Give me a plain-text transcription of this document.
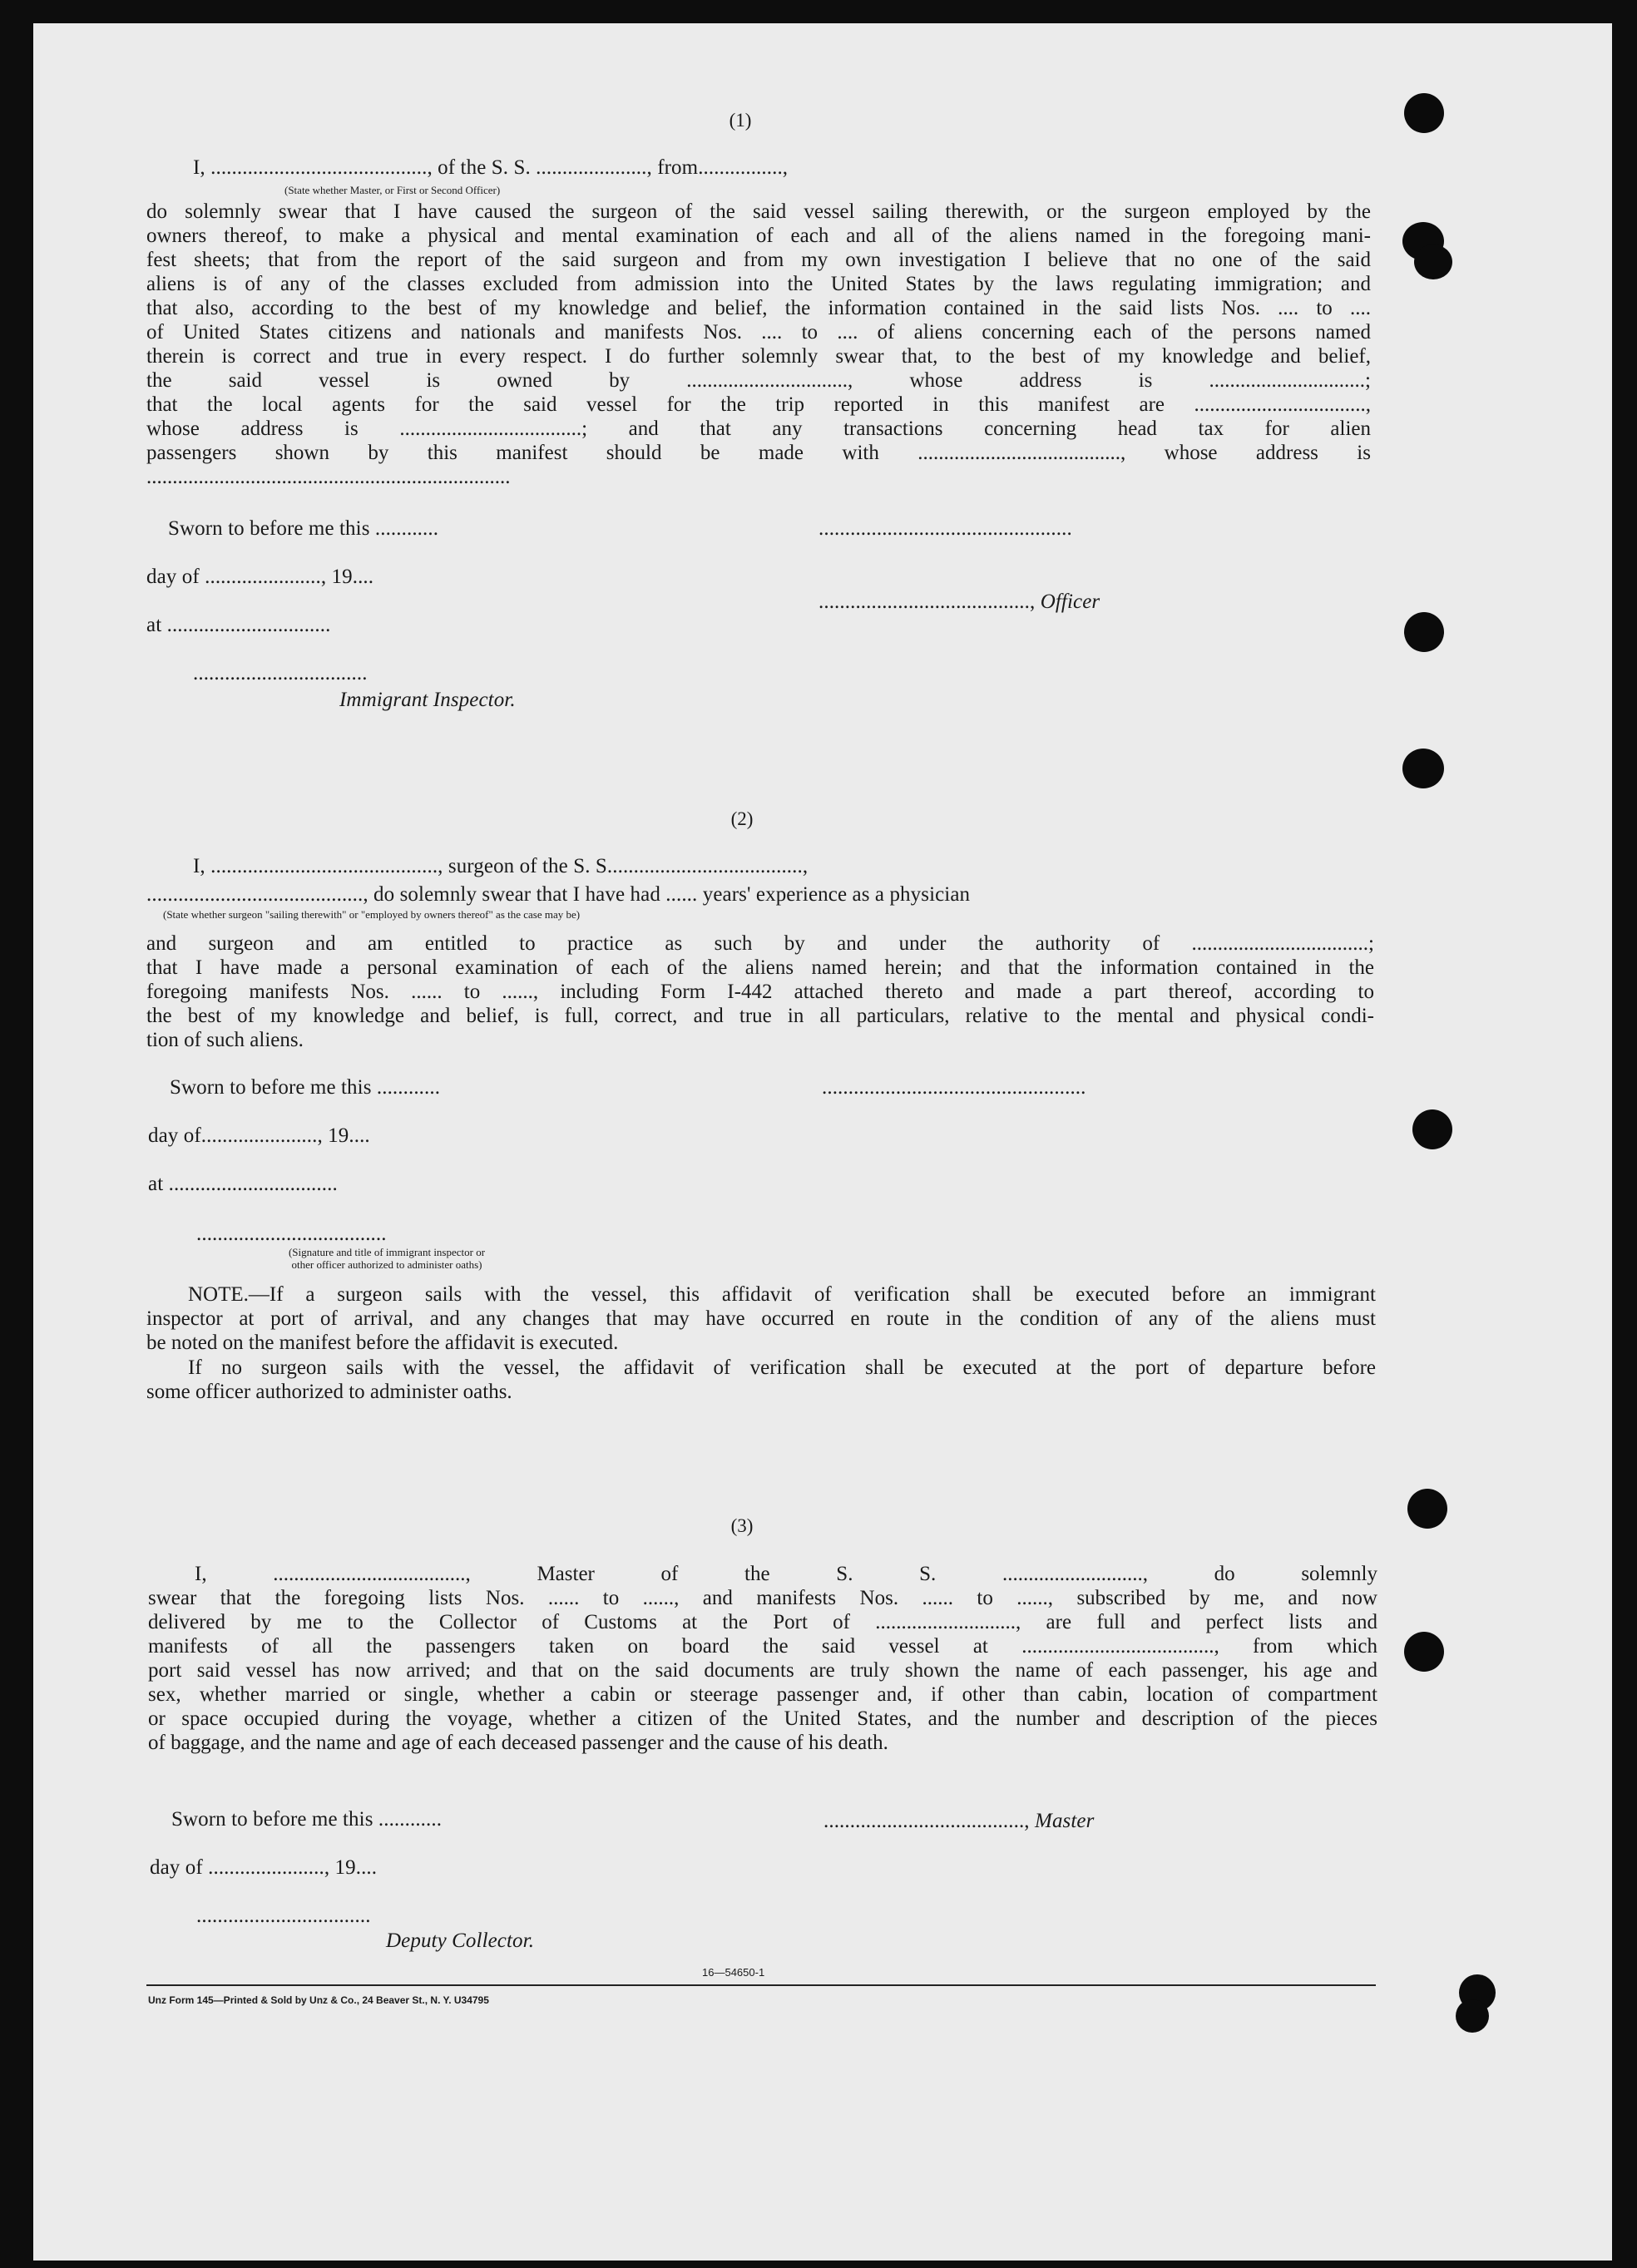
(1)
I, ........................................., of the S. S. ....................., from................,
(State whether Master, or First or Second Officer)
do solemnly swear that I have caused the surgeon of the said vessel sailing therewith, or the surgeon employed by the
owners thereof, to make a physical and mental examination of each and all of the aliens named in the foregoing mani-
fest sheets; that from the report of the said surgeon and from my own investigation I believe that no one of the said
aliens is of any of the classes excluded from admission into the United States by the laws regulating immigration; and
that also, according to the best of my knowledge and belief, the information contained in the said lists Nos. .... to ....
of United States citizens and nationals and manifests Nos. .... to .... of aliens concerning each of the persons named
therein is correct and true in every respect. I do further solemnly swear that, to the best of my knowledge and belief,
the said vessel is owned by ..............................., whose address is ..............................;
that the local agents for the said vessel for the trip reported in this manifest are .................................,
whose address is ...................................; and that any transactions concerning head tax for alien
passengers shown by this manifest should be made with ......................................., whose address is
......................................................................
Sworn to before me this ............	................................................
day of ......................, 19....
........................................, Officer
at ...............................
.................................
Immigrant Inspector.
(2)
I, ..........................................., surgeon of the S. S.....................................,
........................................., do solemnly swear that I have had ...... years' experience as a physician
(State whether surgeon "sailing therewith" or "employed by owners thereof" as the case may be)
and surgeon and am entitled to practice as such by and under the authority of ..................................;
that I have made a personal examination of each of the aliens named herein; and that the information contained in the
foregoing manifests Nos. ...... to ......, including Form I-442 attached thereto and made a part thereof, according to
the best of my knowledge and belief, is full, correct, and true in all particulars, relative to the mental and physical condi-
tion of such aliens.
Sworn to before me this ............	..................................................
day of......................, 19....
at ................................
....................................
(Signature and title of immigrant inspector or
other officer authorized to administer oaths)
NOTE.—If a surgeon sails with the vessel, this affidavit of verification shall be executed before an immigrant
inspector at port of arrival, and any changes that may have occurred en route in the condition of any of the aliens must
be noted on the manifest before the affidavit is executed.
If no surgeon sails with the vessel, the affidavit of verification shall be executed at the port of departure before
some officer authorized to administer oaths.
(3)
I, ....................................., Master of the S. S. ..........................., do solemnly
swear that the foregoing lists Nos. ...... to ......, and manifests Nos. ...... to ......, subscribed by me, and now
delivered by me to the Collector of Customs at the Port of ..........................., are full and perfect lists and
manifests of all the passengers taken on board the said vessel at ....................................., from which
port said vessel has now arrived; and that on the said documents are truly shown the name of each passenger, his age and
sex, whether married or single, whether a cabin or steerage passenger and, if other than cabin, location of compartment
or space occupied during the voyage, whether a citizen of the United States, and the number and description of the pieces
of baggage, and the name and age of each deceased passenger and the cause of his death.
Sworn to before me this ............	......................................, Master
day of ......................, 19....
.................................
Deputy Collector.
16—54650-1
Unz Form 145—Printed & Sold by Unz & Co., 24 Beaver St., N. Y. U34795
